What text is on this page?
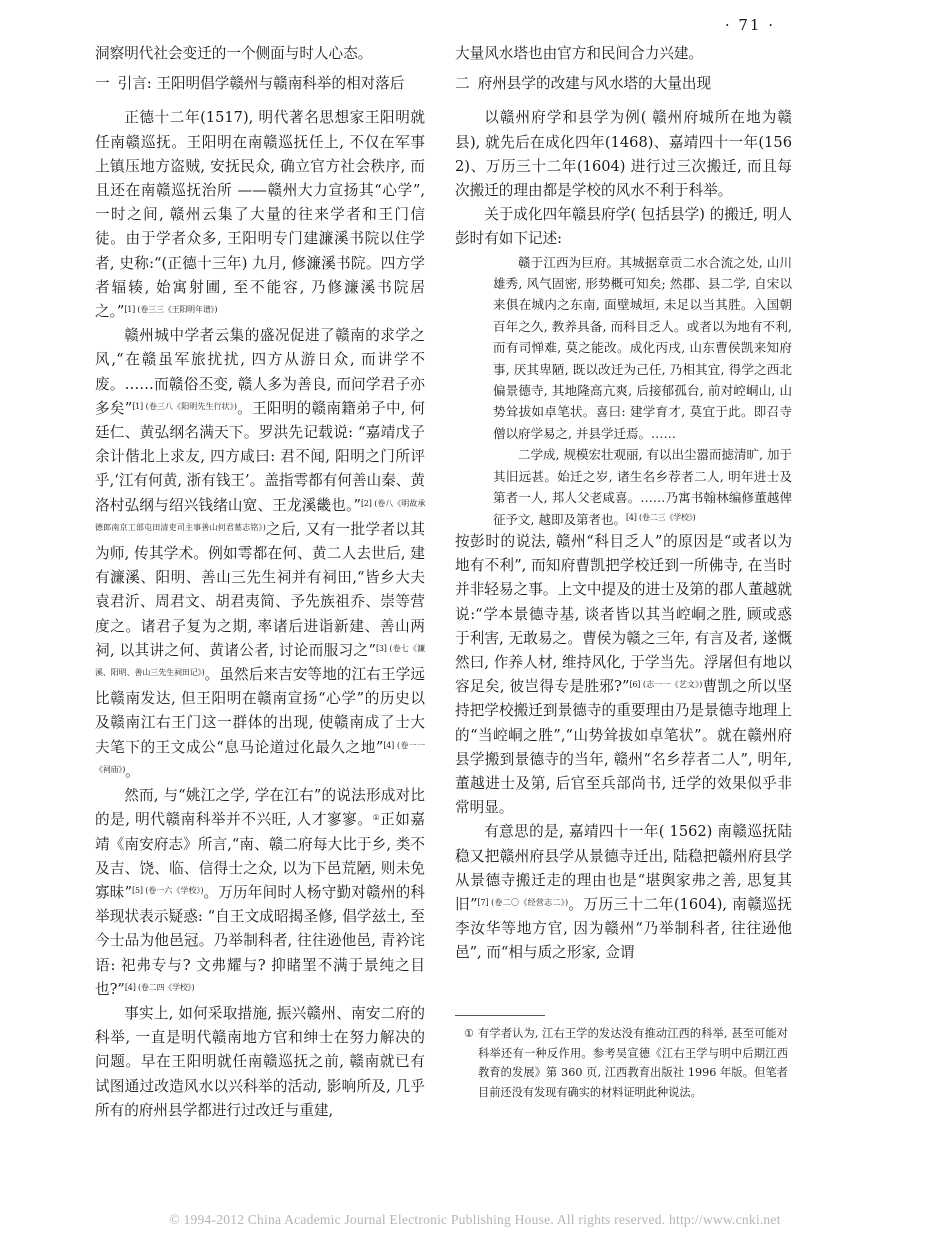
· 71 ·

洞察明代社会变迁的一个侧面与时人心态。

一 引言: 王阳明倡学赣州与赣南科举的相对落后

正德十二年(1517), 明代著名思想家王阳明就任南赣巡抚。王阳明在南赣巡抚任上, 不仅在军事上镇压地方盗贼, 安抚民众, 确立官方社会秩序, 而且还在南赣巡抚治所 ——赣州大力宣扬其“心学”, 一时之间, 赣州云集了大量的往来学者和王门信徒。由于学者众多, 王阳明专门建濂溪书院以住学者, 史称:“(正德十三年) 九月, 修濂溪书院。四方学者辐辏, 始寓射圃, 至不能容, 乃修濂溪书院居之。”$^{[1] (卷三三《王阳明年谱》)}$

赣州城中学者云集的盛况促进了赣南的求学之风,“在赣虽军旅扰扰, 四方从游日众, 而讲学不废。……而赣俗丕变, 赣人多为善良, 而问学君子亦多矣”$^{[1] (卷三八《阳明先生行状》)}$。王阳明的赣南籍弟子中, 何廷仁、黄弘纲名满天下。罗洪先记载说: “嘉靖戊子余计偕北上求友, 四方咸曰: 君不闻, 阳明之门所评乎,‘江有何黄, 浙有钱王’。盖指雩都有何善山秦、黄洛村弘纲与绍兴钱绪山宽、王龙溪畿也。”$^{[2] (卷八《明故承德郎南京工部屯田清吏司主事善山何君墓志铭》)}$之后, 又有一批学者以其为师, 传其学术。例如雩都在何、黄二人去世后, 建有濂溪、阳明、善山三先生祠并有祠田,“皆乡大夫袁君沂、周君文、胡君夷简、予先族祖乔、崇等营度之。诸君子复为之期, 率诸后进诣新建、善山两祠, 以其讲之何、黄诸公者, 讨论而服习之”$^{[3] (卷七《濂溪、阳明、善山三先生祠田记》)}$。虽然后来吉安等地的江右王学远比赣南发达, 但王阳明在赣南宣扬“心学”的历史以及赣南江右王门这一群体的出现, 使赣南成了士大夫笔下的王文成公“息马论道过化最久之地”$^{[4] (卷一一《祠庙》)}$。

然而, 与“姚江之学, 学在江右”的说法形成对比的是, 明代赣南科举并不兴旺, 人才寥寥。①正如嘉靖《南安府志》所言,“南、赣二府每大比于乡, 类不及吉、饶、临、信得士之众, 以为下邑荒陋, 则未免寡昧”$^{[5] (卷一六《学校》)}$。万历年间时人杨守勤对赣州的科举现状表示疑惑: “自王文成昭揭圣修, 倡学兹土, 至今士品为他邑冠。乃举制科者, 往往逊他邑, 青衿诧语: 祀弗专与? 文弗耀与? 抑睹罣不满于景纯之目也?”$^{[4] (卷二四《学校》)}$

事实上, 如何采取措施, 振兴赣州、南安二府的科举, 一直是明代赣南地方官和绅士在努力解决的问题。早在王阳明就任南赣巡抚之前, 赣南就已有试图通过改造风水以兴科举的活动, 影响所及, 几乎所有的府州县学都进行过改迁与重建,

大量风水塔也由官方和民间合力兴建。

二 府州县学的改建与风水塔的大量出现

以赣州府学和县学为例( 赣州府城所在地为赣县), 就先后在成化四年(1468)、嘉靖四十一年(1562)、万历三十二年(1604) 进行过三次搬迁, 而且每次搬迁的理由都是学校的风水不利于科举。

关于成化四年赣县府学( 包括县学) 的搬迁, 明人彭时有如下记述:

赣于江西为巨府。其城据章贡二水合流之处, 山川雄秀, 风气固密, 形势概可知矣; 然郡、县二学, 自宋以来俱在城内之东南, 面壁城垣, 未足以当其胜。入国朝百年之久, 教养具备, 而科目乏人。或者以为地有不利, 而有司惮难, 莫之能改。成化丙戌, 山东曹侯凯来知府事, 厌其卑陋, 既以改迁为己任, 乃相其宜, 得学之西北偏景德寺, 其地隆高亢爽, 后接郁孤台, 前对崆峒山, 山势耸拔如卓笔状。喜曰: 建学育才, 莫宜于此。即召寺僧以府学易之, 并县学迁焉。……

二学成, 规模宏壮观丽, 有以出尘嚣而摅清旷, 加于其旧远甚。始迁之岁, 诸生名乡荐者二人, 明年进士及第者一人, 邦人父老咸喜。……乃寓书翰林编修董越俾征予文, 越即及第者也。$^{[4] (卷二三《学校》)}$

按彭时的说法, 赣州“科目乏人”的原因是“或者以为地有不利”, 而知府曹凯把学校迁到一所佛寺, 在当时并非轻易之事。上文中提及的进士及第的郡人董越就说:“学本景德寺基, 谈者皆以其当崆峒之胜, 顾或惑于利害, 无敢易之。曹侯为赣之三年, 有言及者, 遂慨然曰, 作养人材, 维持风化, 于学当先。浮屠但有地以容足矣, 彼岂得专是胜邪?”$^{[6] (志一一《艺文》)}$曹凯之所以坚持把学校搬迁到景德寺的重要理由乃是景德寺地理上的“当崆峒之胜”,“山势耸拔如卓笔状”。就在赣州府县学搬到景德寺的当年, 赣州“名乡荐者二人”, 明年, 董越进士及第, 后官至兵部尚书, 迁学的效果似乎非常明显。

有意思的是, 嘉靖四十一年( 1562) 南赣巡抚陆稳又把赣州府县学从景德寺迁出, 陆稳把赣州府县学从景德寺搬迁走的理由也是“堪舆家弗之善, 思复其旧”$^{[7] (卷二〇《经营志二》)}$。万历三十二年(1604), 南赣巡抚李汝华等地方官, 因为赣州“乃举制科者, 往往逊他邑”, 而“相与质之形家, 佥谓

① 有学者认为, 江右王学的发达没有推动江西的科举, 甚至可能对科举还有一种反作用。参考吴宣德《江右王学与明中后期江西教育的发展》第 360 页, 江西教育出版社 1996 年版。但笔者目前还没有发现有确实的材料证明此种说法。
© 1994-2012 China Academic Journal Electronic Publishing House. All rights reserved. http://www.cnki.net
